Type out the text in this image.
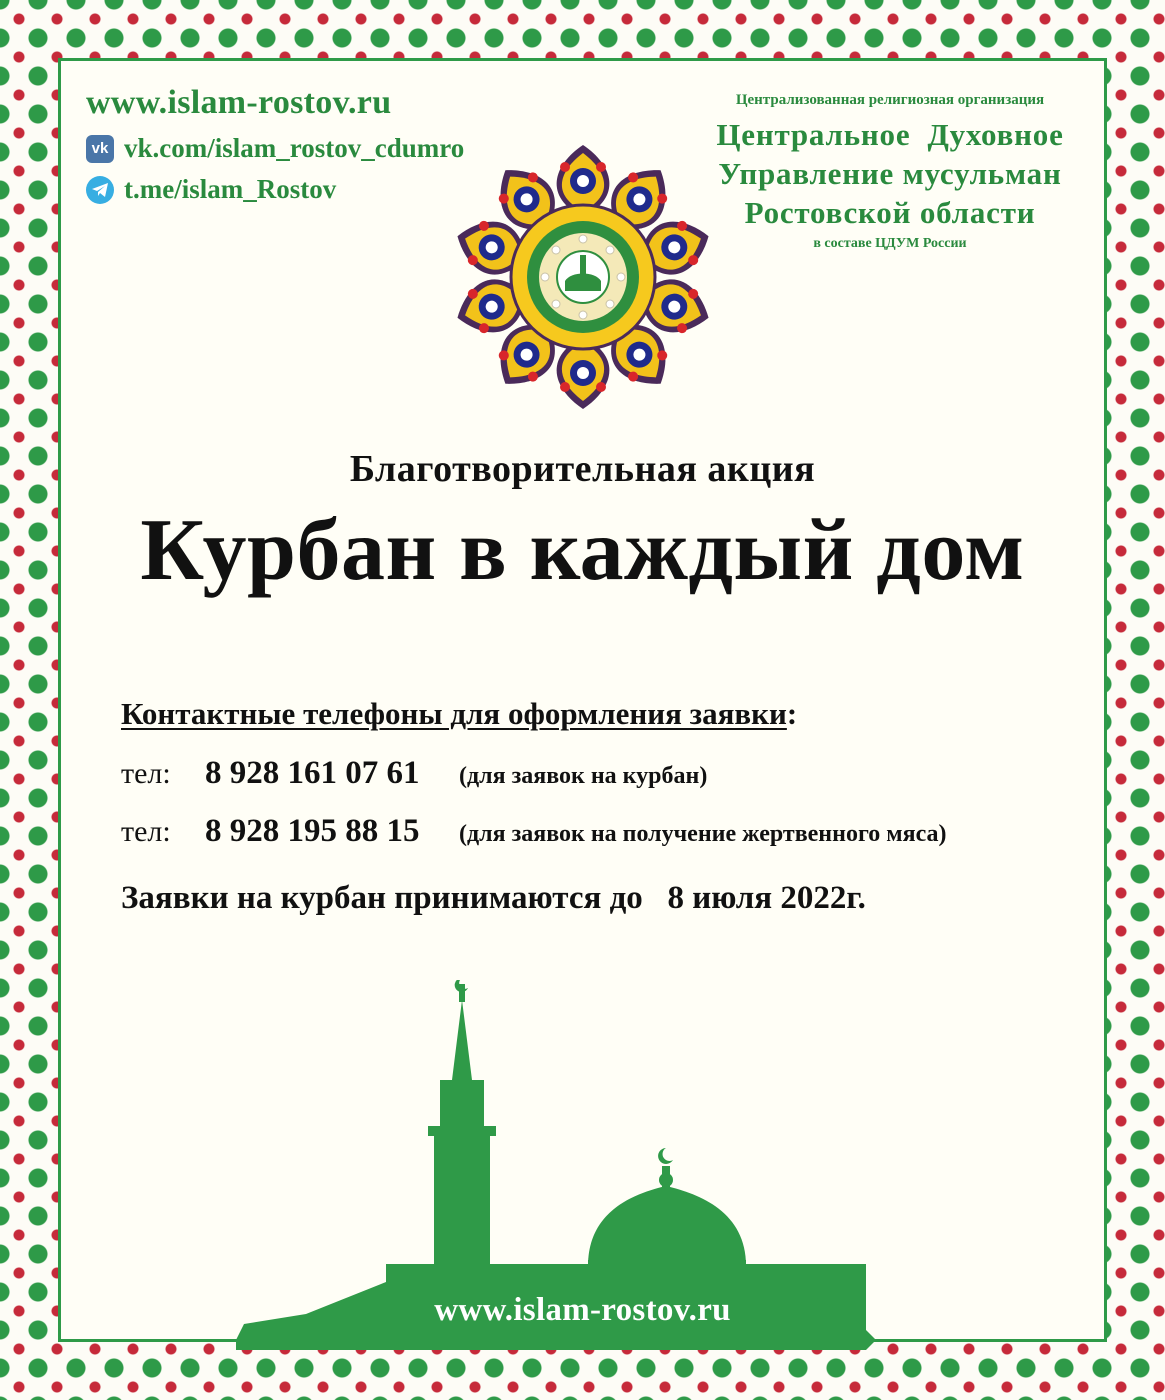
www.islam-rostov.ru
vk vk.com/islam_rostov_cdumro
t.me/islam_Rostov
Централизованная религиозная организация
Центральное  Духовное
Управление мусульман
Ростовской области
в составе ЦДУМ России
Благотворительная акция
Курбан в каждый дом
Контактные телефоны для оформления заявки:
тел:	8 928 161 07 61	(для заявок на курбан)
тел:	8 928 195 88 15	(для заявок на получение жертвенного мяса)
Заявки на курбан принимаются до   8 июля 2022г.
www.islam-rostov.ru
